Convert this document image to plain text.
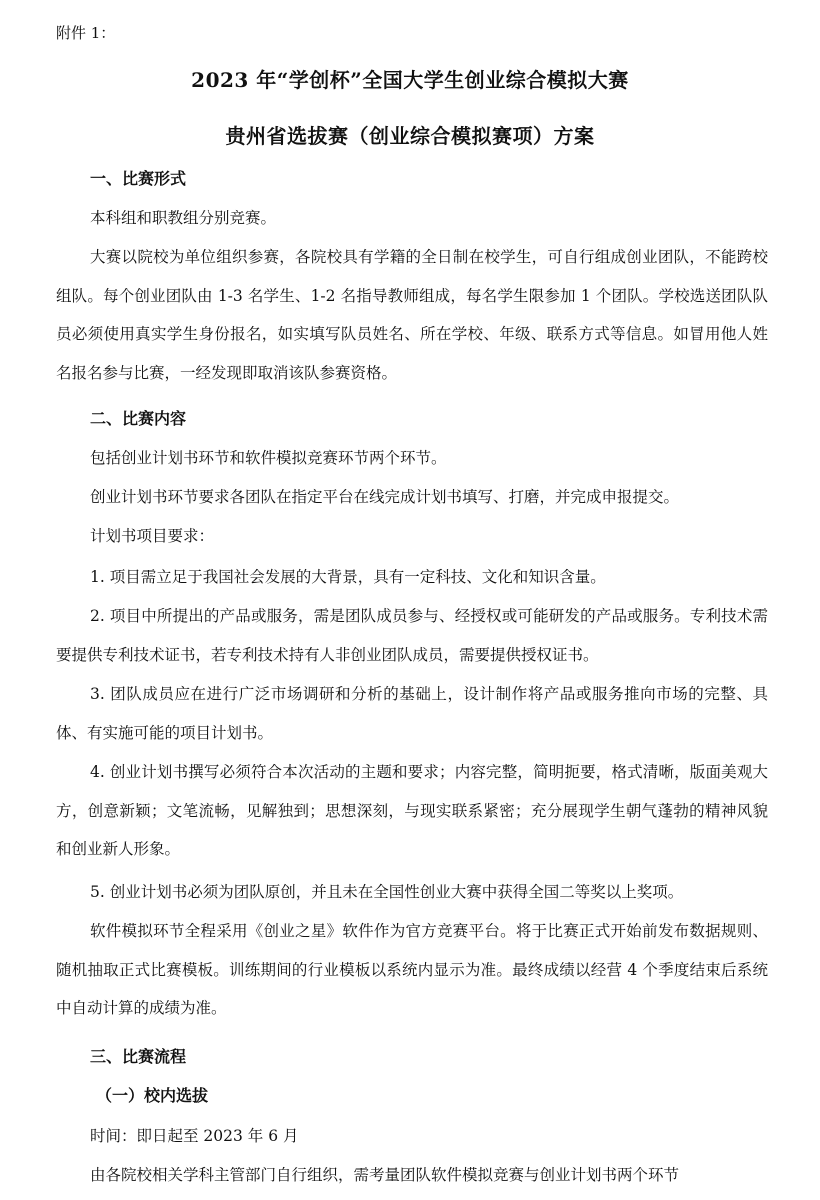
附件 1：
2023 年“学创杯”全国大学生创业综合模拟大赛
贵州省选拔赛（创业综合模拟赛项）方案
一、比赛形式
本科组和职教组分别竞赛。
大赛以院校为单位组织参赛，各院校具有学籍的全日制在校学生，可自行组成创业团队，不能跨校组队。每个创业团队由 1-3 名学生、1-2 名指导教师组成，每名学生限参加 1 个团队。学校选送团队队员必须使用真实学生身份报名，如实填写队员姓名、所在学校、年级、联系方式等信息。如冒用他人姓名报名参与比赛，一经发现即取消该队参赛资格。
二、比赛内容
包括创业计划书环节和软件模拟竞赛环节两个环节。
创业计划书环节要求各团队在指定平台在线完成计划书填写、打磨，并完成申报提交。
计划书项目要求：
1. 项目需立足于我国社会发展的大背景，具有一定科技、文化和知识含量。
2. 项目中所提出的产品或服务，需是团队成员参与、经授权或可能研发的产品或服务。专利技术需要提供专利技术证书，若专利技术持有人非创业团队成员，需要提供授权证书。
3. 团队成员应在进行广泛市场调研和分析的基础上，设计制作将产品或服务推向市场的完整、具体、有实施可能的项目计划书。
4. 创业计划书撰写必须符合本次活动的主题和要求；内容完整，简明扼要，格式清晰，版面美观大方，创意新颖；文笔流畅，见解独到；思想深刻，与现实联系紧密；充分展现学生朝气蓬勃的精神风貌和创业新人形象。
5. 创业计划书必须为团队原创，并且未在全国性创业大赛中获得全国二等奖以上奖项。
软件模拟环节全程采用《创业之星》软件作为官方竞赛平台。将于比赛正式开始前发布数据规则、随机抽取正式比赛模板。训练期间的行业模板以系统内显示为准。最终成绩以经营 4 个季度结束后系统中自动计算的成绩为准。
三、比赛流程
（一）校内选拔
时间：即日起至 2023 年 6 月
由各院校相关学科主管部门自行组织，需考量团队软件模拟竞赛与创业计划书两个环节
